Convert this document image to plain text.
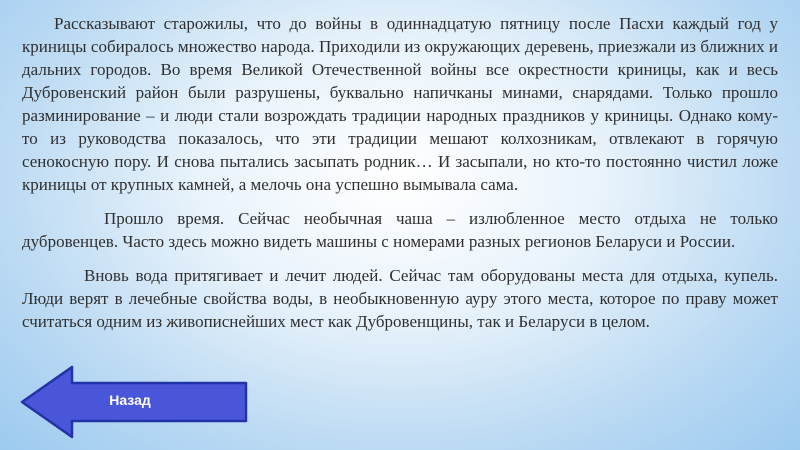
Рассказывают старожилы, что до войны в одиннадцатую пятницу после Пасхи каждый год у криницы собиралось множество народа. Приходили из окружающих деревень, приезжали из ближних и дальних городов. Во время Великой Отечественной войны все окрестности криницы, как и весь Дубровенский район были разрушены, буквально напичканы минами, снарядами. Только прошло разминирование – и люди стали возрождать традиции народных праздников у криницы. Однако кому-то из руководства показалось, что эти традиции мешают колхозникам, отвлекают в горячую сенокосную пору. И снова пытались засыпать родник… И засыпали, но кто-то постоянно чистил ложе криницы от крупных камней, а мелочь она успешно вымывала сама.

Прошло время. Сейчас необычная чаша – излюбленное место отдыха не только дубровенцев. Часто здесь можно видеть машины с номерами разных регионов Беларуси и России.

Вновь вода притягивает и лечит людей. Сейчас там оборудованы места для отдыха, купель. Люди верят в лечебные свойства воды, в необыкновенную ауру этого места, которое по праву может считаться одним из живописнейших мест как Дубровенщины, так и Беларуси в целом.

Назад
